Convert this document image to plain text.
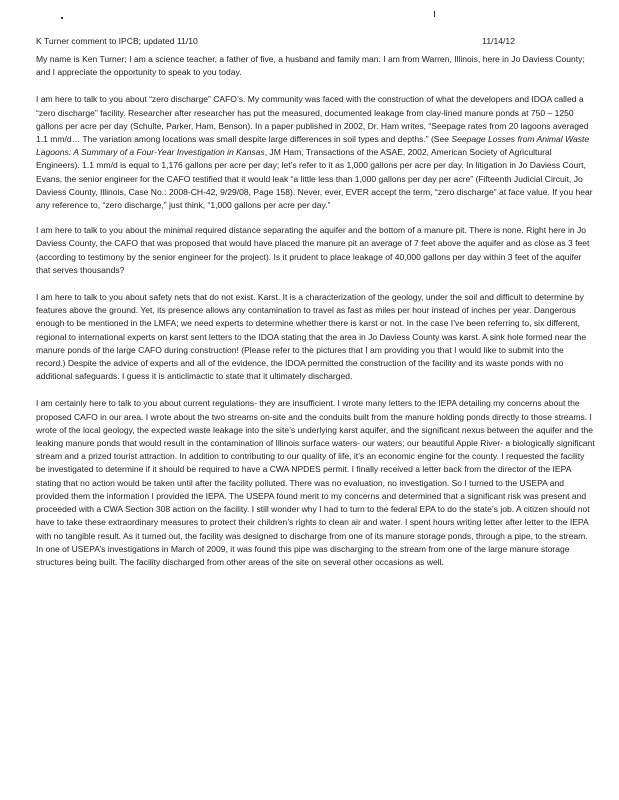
K Turner comment to IPCB; updated 11/10	11/14/12

My name is Ken Turner; I am a science teacher, a father of five, a husband and family man. I am from Warren, Illinois, here in Jo Daviess County; and I appreciate the opportunity to speak to you today.

I am here to talk to you about “zero discharge” CAFO’s. My community was faced with the construction of what the developers and IDOA called a “zero discharge” facility. Researcher after researcher has put the measured, documented leakage from clay-lined manure ponds at 750 – 1250 gallons per acre per day (Schulte, Parker, Ham, Benson). In a paper published in 2002, Dr. Ham writes, “Seepage rates from 20 lagoons averaged 1.1 mm/d… The variation among locations was small despite large differences in soil types and depths.” (See Seepage Losses from Animal Waste Lagoons: A Summary of a Four-Year Investigation in Kansas, JM Ham, Transactions of the ASAE, 2002, American Society of Agricultural Engineers). 1.1 mm/d is equal to 1,176 gallons per acre per day; let’s refer to it as 1,000 gallons per acre per day. In litigation in Jo Daviess Court, Evans, the senior engineer for the CAFO testified that it would leak “a little less than 1,000 gallons per day per acre” (Fifteenth Judicial Circuit, Jo Daviess County, Illinois, Case No.: 2008-CH-42, 9/29/08, Page 158). Never, ever, EVER accept the term, “zero discharge” at face value. If you hear any reference to, “zero discharge,” just think, “1,000 gallons per acre per day.”

I am here to talk to you about the minimal required distance separating the aquifer and the bottom of a manure pit. There is none. Right here in Jo Daviess County, the CAFO that was proposed that would have placed the manure pit an average of 7 feet above the aquifer and as close as 3 feet (according to testimony by the senior engineer for the project). Is it prudent to place leakage of 40,000 gallons per day within 3 feet of the aquifer that serves thousands?

I am here to talk to you about safety nets that do not exist. Karst. It is a characterization of the geology, under the soil and difficult to determine by features above the ground. Yet, its presence allows any contamination to travel as fast as miles per hour instead of inches per year. Dangerous enough to be mentioned in the LMFA; we need experts to determine whether there is karst or not. In the case I’ve been referring to, six different, regional to international experts on karst sent letters to the IDOA stating that the area in Jo Daviess County was karst. A sink hole formed near the manure ponds of the large CAFO during construction! (Please refer to the pictures that I am providing you that I would like to submit into the record.) Despite the advice of experts and all of the evidence, the IDOA permitted the construction of the facility and its waste ponds with no additional safeguards. I guess it is anticlimactic to state that it ultimately discharged.

I am certainly here to talk to you about current regulations- they are insufficient. I wrote many letters to the IEPA detailing my concerns about the proposed CAFO in our area. I wrote about the two streams on-site and the conduits built from the manure holding ponds directly to those streams. I wrote of the local geology, the expected waste leakage into the site’s underlying karst aquifer, and the significant nexus between the aquifer and the leaking manure ponds that would result in the contamination of Illinois surface waters- our waters; our beautiful Apple River- a biologically significant stream and a prized tourist attraction. In addition to contributing to our quality of life, it’s an economic engine for the county. I requested the facility be investigated to determine if it should be required to have a CWA NPDES permit. I finally received a letter back from the director of the IEPA stating that no action would be taken until after the facility polluted. There was no evaluation, no investigation. So I turned to the USEPA and provided them the information I provided the IEPA. The USEPA found merit to my concerns and determined that a significant risk was present and proceeded with a CWA Section 308 action on the facility. I still wonder why I had to turn to the federal EPA to do the state’s job. A citizen should not have to take these extraordinary measures to protect their children’s rights to clean air and water. I spent hours writing letter after letter to the IEPA with no tangible result. As it turned out, the facility was designed to discharge from one of its manure storage ponds, through a pipe, to the stream. In one of USEPA’s investigations in March of 2009, it was found this pipe was discharging to the stream from one of the large manure storage structures being built. The facility discharged from other areas of the site on several other occasions as well.
